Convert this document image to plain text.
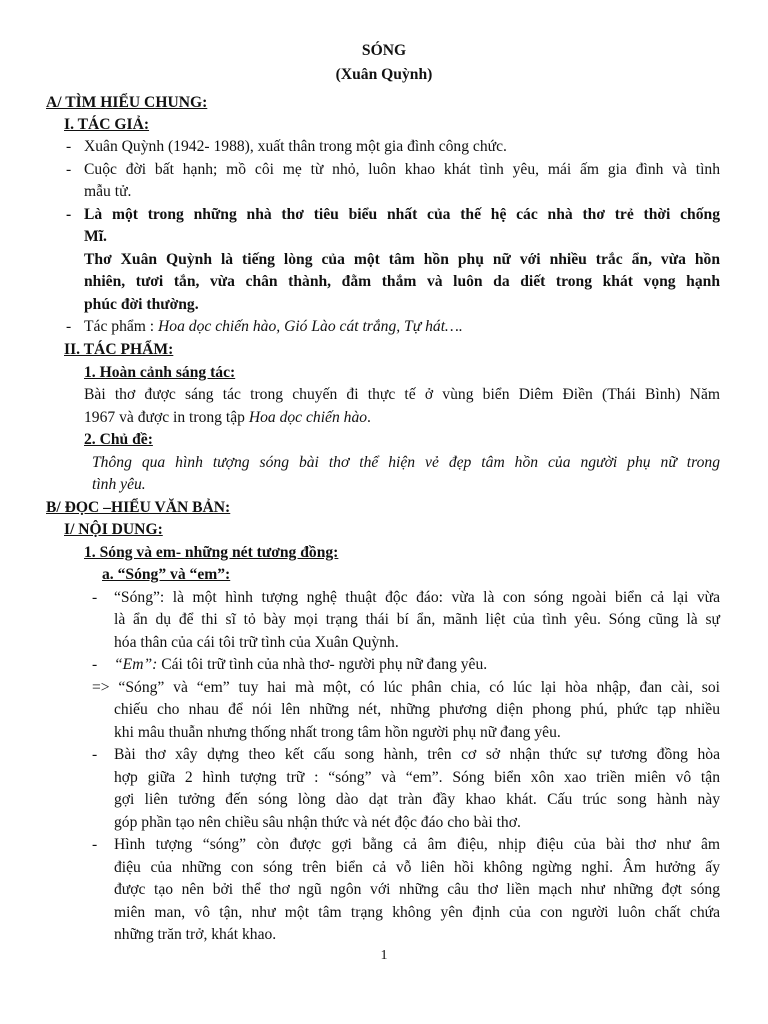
SÓNG
(Xuân Quỳnh)
A/ TÌM HIỂU CHUNG:
I. TÁC GIẢ:
- Xuân Quỳnh (1942- 1988), xuất thân trong một gia đình công chức.
- Cuộc đời bất hạnh; mồ côi mẹ từ nhỏ, luôn khao khát tình yêu, mái ấm gia đình và tình
mẫu tử.
- Là một trong những nhà thơ tiêu biểu nhất của thế hệ các nhà thơ trẻ thời chống
Mĩ.
Thơ Xuân Quỳnh là tiếng lòng của một tâm hồn phụ nữ với nhiều trắc ẩn, vừa hồn
nhiên, tươi tắn, vừa chân thành, đằm thắm và luôn da diết trong khát vọng hạnh
phúc đời thường.
- Tác phẩm : Hoa dọc chiến hào, Gió Lào cát trắng, Tự hát….
II. TÁC PHẨM:
1. Hoàn cảnh sáng tác:
Bài thơ được sáng tác trong chuyến đi thực tế ở vùng biển Diêm Điền (Thái Bình) Năm
1967 và được in trong tập Hoa dọc chiến hào.
2. Chủ đề:
Thông qua hình tượng sóng bài thơ thể hiện vẻ đẹp tâm hồn của người phụ nữ trong
tình yêu.
B/ ĐỌC –HIỂU VĂN BẢN:
I/ NỘI DUNG:
1. Sóng và em- những nét tương đồng:
a. “Sóng” và “em”:
- “Sóng”: là một hình tượng nghệ thuật độc đáo: vừa là con sóng ngoài biển cả lại vừa
là ẩn dụ để thi sĩ tỏ bày mọi trạng thái bí ẩn, mãnh liệt của tình yêu. Sóng cũng là sự
hóa thân của cái tôi trữ tình của Xuân Quỳnh.
- “Em”: Cái tôi trữ tình của nhà thơ- người phụ nữ đang yêu.
=> “Sóng” và “em” tuy hai mà một, có lúc phân chia, có lúc lại hòa nhập, đan cài, soi
chiếu cho nhau để nói lên những nét, những phương diện phong phú, phức tạp nhiều
khi mâu thuẫn nhưng thống nhất trong tâm hồn người phụ nữ đang yêu.
- Bài thơ xây dựng theo kết cấu song hành, trên cơ sở nhận thức sự tương đồng hòa
hợp giữa 2 hình tượng trữ : “sóng” và “em”. Sóng biển xôn xao triền miên vô tận
gợi liên tưởng đến sóng lòng dào dạt tràn đầy khao khát. Cấu trúc song hành này
góp phần tạo nên chiều sâu nhận thức và nét độc đáo cho bài thơ.
- Hình tượng “sóng” còn được gợi bằng cả âm điệu, nhịp điệu của bài thơ như âm
điệu của những con sóng trên biển cả vỗ liên hồi không ngừng nghỉ. Âm hưởng ấy
được tạo nên bởi thể thơ ngũ ngôn với những câu thơ liền mạch như những đợt sóng
miên man, vô tận, như một tâm trạng không yên định của con người luôn chất chứa
những trăn trở, khát khao.
1
